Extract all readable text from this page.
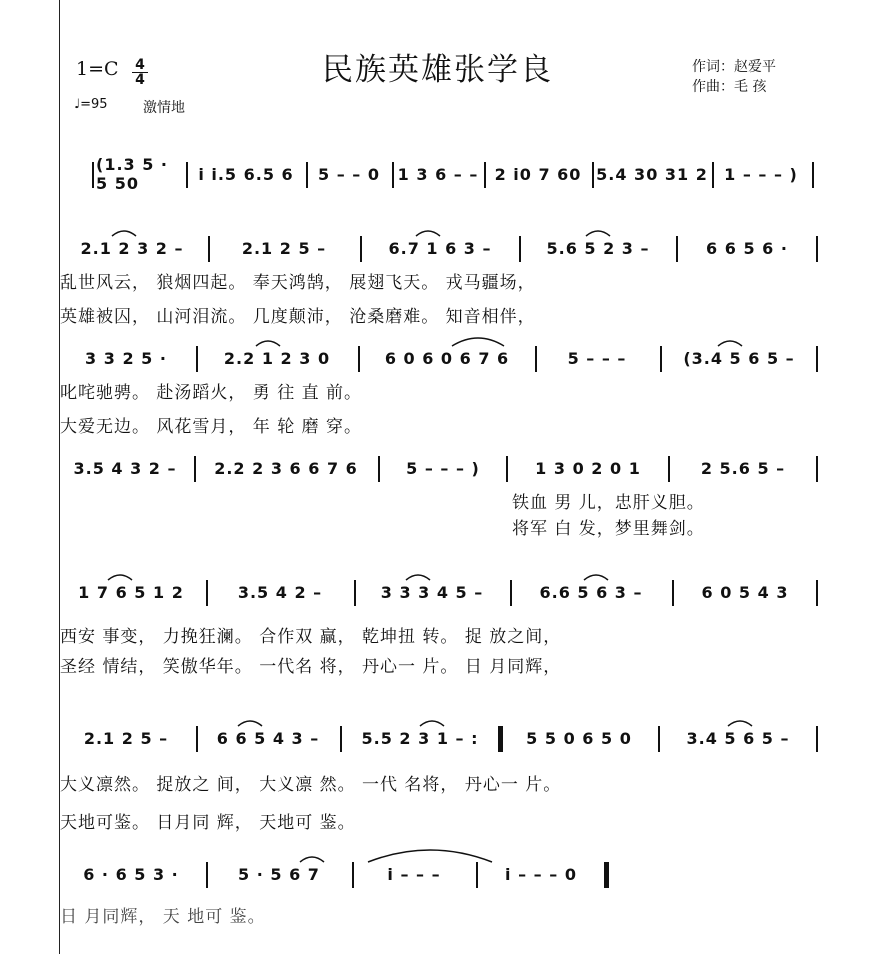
民族英雄张学良
$1=C \frac{4}{4}$
♩=95	激情地
作词：赵爱平
作曲：毛 孩
(1.3 5 · 5 50	i i.5 6.5 6	5 – – 0	1 3 6 – –	2 i0 7 60 5.4 30 31 2	1 – – – )
2.1 2 3 2 –	2.1 2 5 –	6.7 1 6 3 –	5.6 5 2 3 –	6 6 5 6 ·
乱世风云， 狼烟四起。 奉天鸿鹄， 展翅飞天。 戎马疆场，
英雄被囚， 山河泪流。 几度颠沛， 沧桑磨难。 知音相伴，
3 3 2 5 ·	2.2 1 2 3 0	6 0 6 0 6 7 6	5 – – –	(3.4 5 6 5 –
叱咤驰骋。 赴汤蹈火， 勇 往 直 前。
大爱无边。 风花雪月， 年 轮 磨 穿。
3.5 4 3 2 –	2.2 2 3 6 6 7 6	5 – – – )	1 3 0 2 0 1	2 5.6 5 –
铁血 男 儿，忠肝义胆。
将军 白 发，梦里舞剑。
1 7 6 5 1 2	3.5 4 2 –	3 3 3 4 5 –	6.6 5 6 3 –	6 0 5 4 3
西安 事变， 力挽狂澜。 合作双 赢， 乾坤扭 转。 捉 放之间，
圣经 情结， 笑傲华年。 一代名 将， 丹心一 片。 日 月同辉，
2.1 2 5 –	6 6 5 4 3 –	5.5 2 3 1 – :	5 5 0 6 5 0	3.4 5 6 5 –
大义凛然。 捉放之 间， 大义凛 然。 一代 名将， 丹心一 片。
天地可鉴。 日月同 辉， 天地可 鉴。
6 · 6 5 3 ·	5 · 5 6 7	i – – –	i – – – 0
日 月同辉， 天 地可 鉴。
